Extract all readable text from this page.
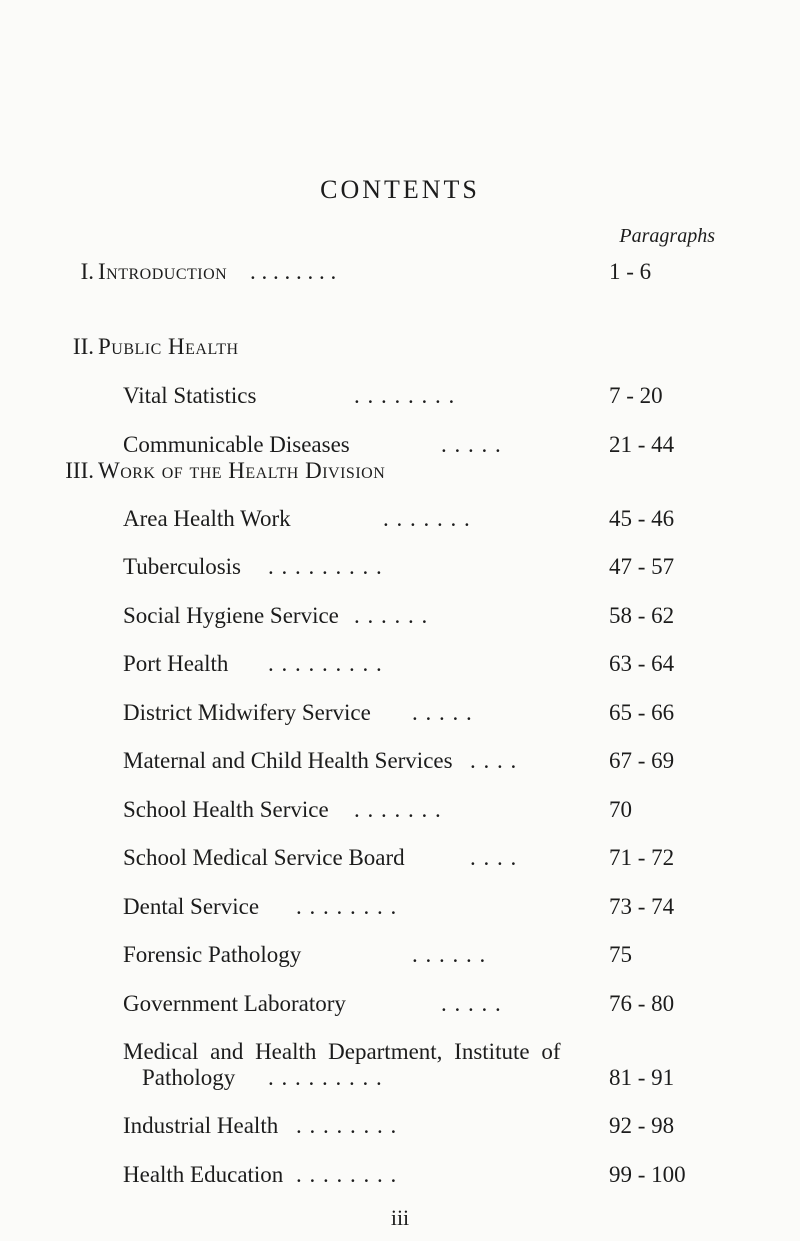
CONTENTS
Paragraphs
I. Introduction . . . . . . . .	1 - 6
II. Public Health
Vital Statistics	. . . . . . . .	7 - 20
Communicable Diseases	. . . . .	21 - 44
III. Work of the Health Division
Area Health Work	. . . . . . .	45 - 46
Tuberculosis . . . . . . . . .	47 - 57
Social Hygiene Service . . . . . .	58 - 62
Port Health . . . . . . . . .	63 - 64
District Midwifery Service . . . . .	65 - 66
Maternal and Child Health Services . . . .	67 - 69
School Health Service . . . . . . .	70
School Medical Service Board	. . . .	71 - 72
Dental Service . . . . . . . .	73 - 74
Forensic Pathology	. . . . . .	75
Government Laboratory	. . . . .	76 - 80
Medical and Health Department, Institute of
Pathology . . . . . . . . .	81 - 91
Industrial Health . . . . . . . .	92 - 98
Health Education . . . . . . . .	99 - 100
iii
